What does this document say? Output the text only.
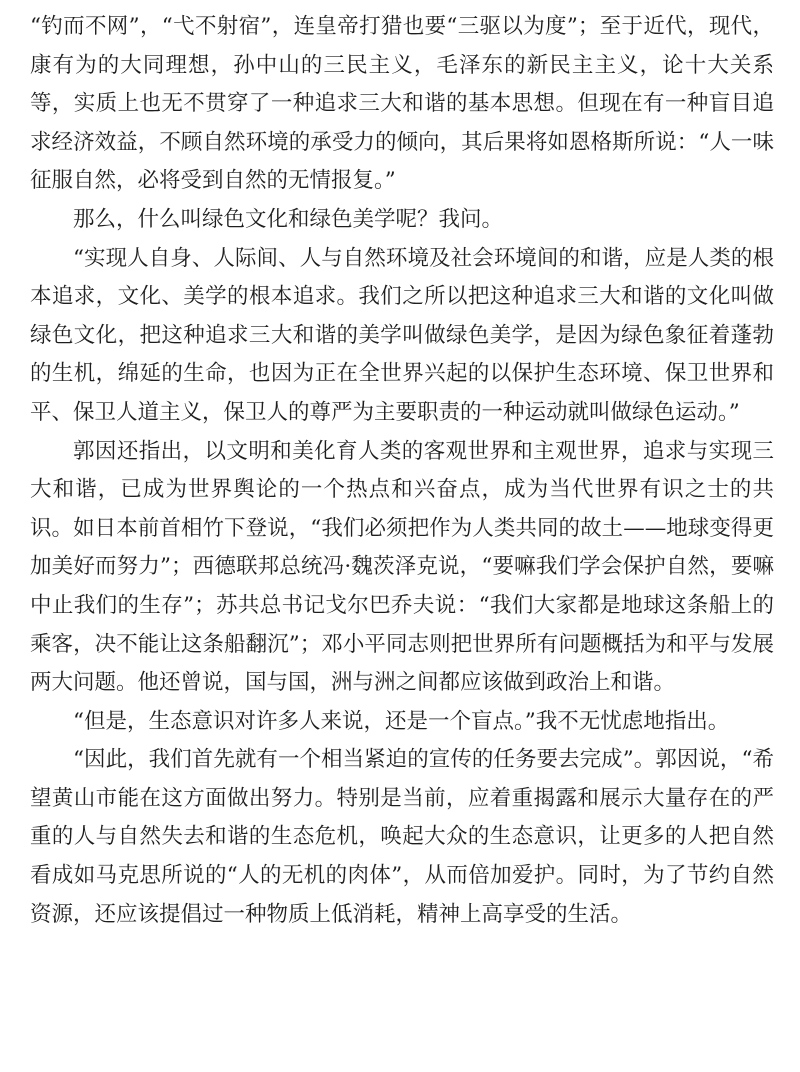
“钓而不网”，“弋不射宿”，连皇帝打猎也要“三驱以为度”；至于近代，现代，康有为的大同理想，孙中山的三民主义，毛泽东的新民主主义，论十大关系等，实质上也无不贯穿了一种追求三大和谐的基本思想。但现在有一种盲目追求经济效益，不顾自然环境的承受力的倾向，其后果将如恩格斯所说：“人一味征服自然，必将受到自然的无情报复。”

那么，什么叫绿色文化和绿色美学呢？我问。

“实现人自身、人际间、人与自然环境及社会环境间的和谐，应是人类的根本追求，文化、美学的根本追求。我们之所以把这种追求三大和谐的文化叫做绿色文化，把这种追求三大和谐的美学叫做绿色美学，是因为绿色象征着蓬勃的生机，绵延的生命，也因为正在全世界兴起的以保护生态环境、保卫世界和平、保卫人道主义，保卫人的尊严为主要职责的一种运动就叫做绿色运动。”

郭因还指出，以文明和美化育人类的客观世界和主观世界，追求与实现三大和谐，已成为世界舆论的一个热点和兴奋点，成为当代世界有识之士的共识。如日本前首相竹下登说，“我们必须把作为人类共同的故土——地球变得更加美好而努力”；西德联邦总统冯·魏茨泽克说，“要嘛我们学会保护自然，要嘛中止我们的生存”；苏共总书记戈尔巴乔夫说：“我们大家都是地球这条船上的乘客，决不能让这条船翻沉”；邓小平同志则把世界所有问题概括为和平与发展两大问题。他还曾说，国与国，洲与洲之间都应该做到政治上和谐。

“但是，生态意识对许多人来说，还是一个盲点。”我不无忧虑地指出。

“因此，我们首先就有一个相当紧迫的宣传的任务要去完成”。郭因说，“希望黄山市能在这方面做出努力。特别是当前，应着重揭露和展示大量存在的严重的人与自然失去和谐的生态危机，唤起大众的生态意识，让更多的人把自然看成如马克思所说的“人的无机的肉体”，从而倍加爱护。同时，为了节约自然资源，还应该提倡过一种物质上低消耗，精神上高享受的生活。
